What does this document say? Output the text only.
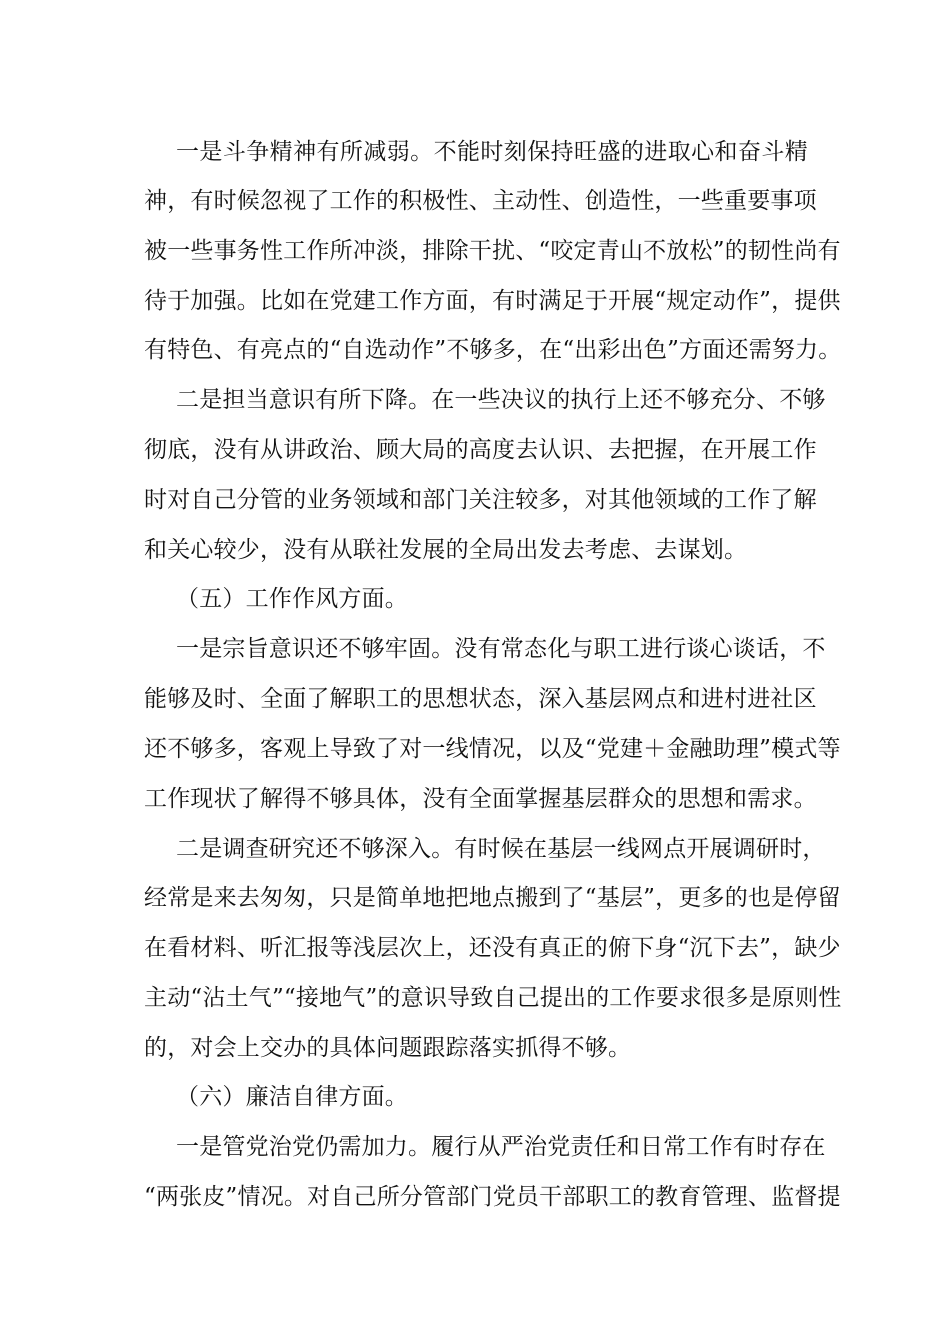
一是斗争精神有所减弱。不能时刻保持旺盛的进取心和奋斗精
神，有时候忽视了工作的积极性、主动性、创造性，一些重要事项
被一些事务性工作所冲淡，排除干扰、“咬定青山不放松”的韧性尚有
待于加强。比如在党建工作方面，有时满足于开展“规定动作”，提供
有特色、有亮点的“自选动作”不够多，在“出彩出色”方面还需努力。
二是担当意识有所下降。在一些决议的执行上还不够充分、不够
彻底，没有从讲政治、顾大局的高度去认识、去把握，在开展工作
时对自己分管的业务领域和部门关注较多，对其他领域的工作了解
和关心较少，没有从联社发展的全局出发去考虑、去谋划。
（五）工作作风方面。
一是宗旨意识还不够牢固。没有常态化与职工进行谈心谈话，不
能够及时、全面了解职工的思想状态，深入基层网点和进村进社区
还不够多，客观上导致了对一线情况，以及“党建＋金融助理”模式等
工作现状了解得不够具体，没有全面掌握基层群众的思想和需求。
二是调查研究还不够深入。有时候在基层一线网点开展调研时，
经常是来去匆匆，只是简单地把地点搬到了“基层”，更多的也是停留
在看材料、听汇报等浅层次上，还没有真正的俯下身“沉下去”，缺少
主动“沾土气”“接地气”的意识导致自己提出的工作要求很多是原则性
的，对会上交办的具体问题跟踪落实抓得不够。
（六）廉洁自律方面。
一是管党治党仍需加力。履行从严治党责任和日常工作有时存在
“两张皮”情况。对自己所分管部门党员干部职工的教育管理、监督提
